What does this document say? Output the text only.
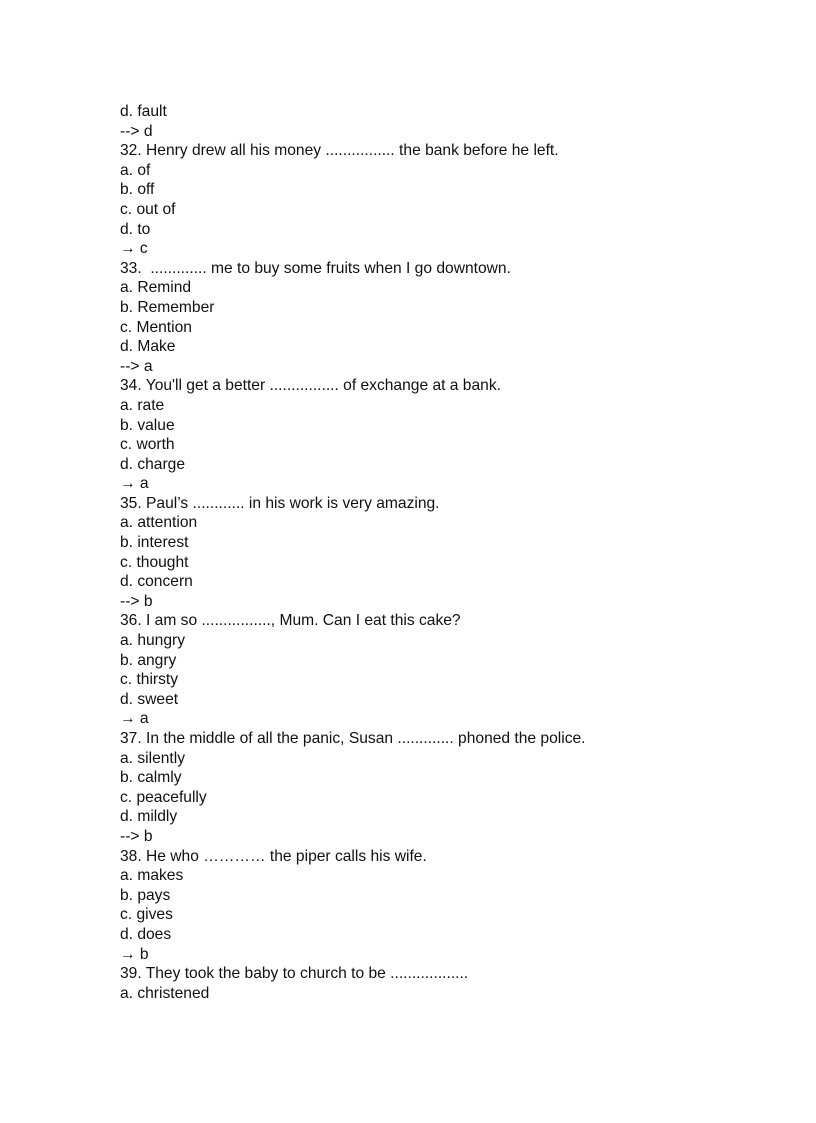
d. fault
--> d
32. Henry drew all his money ................ the bank before he left.
a. of
b. off
c. out of
d. to
→ c
33.  ............. me to buy some fruits when I go downtown.
a. Remind
b. Remember
c. Mention
d. Make
--> a
34. You'll get a better ................ of exchange at a bank.
a. rate
b. value
c. worth
d. charge
→ a
35. Paul’s ............ in his work is very amazing.
a. attention
b. interest
c. thought
d. concern
--> b
36. I am so ................, Mum. Can I eat this cake?
a. hungry
b. angry
c. thirsty
d. sweet
→ a
37. In the middle of all the panic, Susan ............. phoned the police.
a. silently
b. calmly
c. peacefully
d. mildly
--> b
38. He who ………… the piper calls his wife.
a. makes
b. pays
c. gives
d. does
→ b
39. They took the baby to church to be ..................
a. christened
